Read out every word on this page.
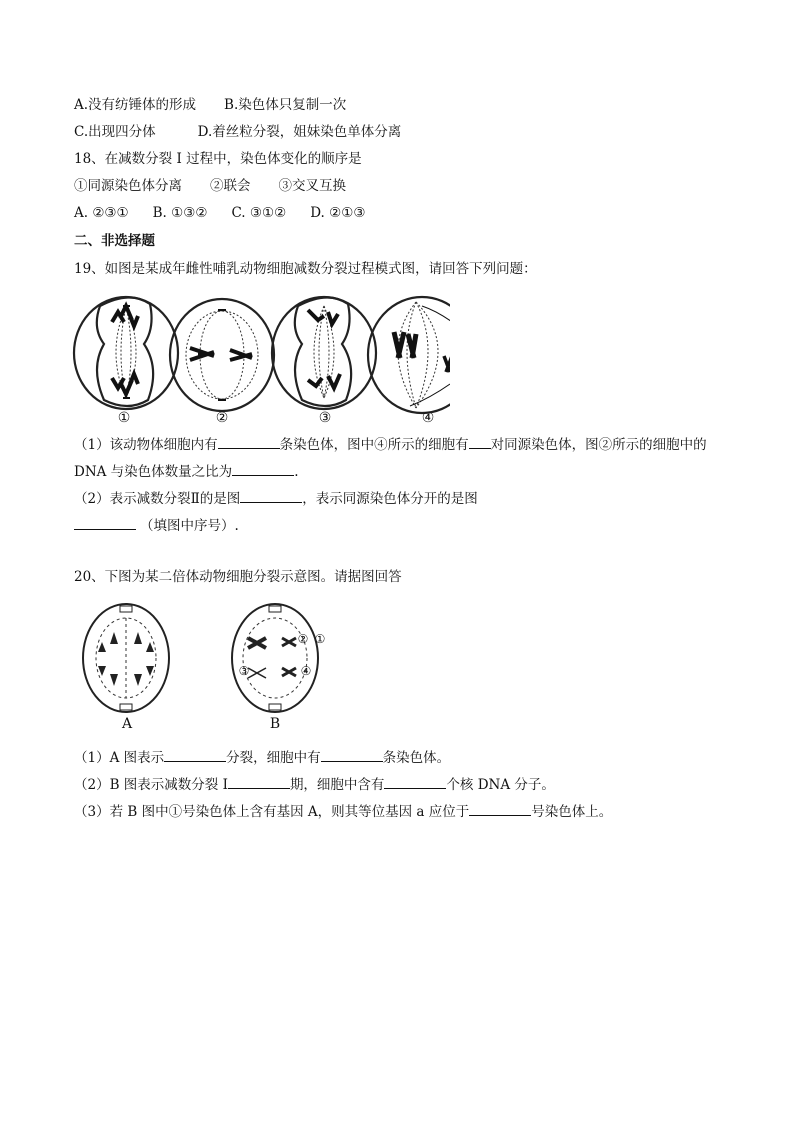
A.没有纺锤体的形成 B.染色体只复制一次
C.出现四分体	D.着丝粒分裂，姐妹染色单体分离
18、在减数分裂 I 过程中，染色体变化的顺序是
①同源染色体分离 ②联会 ③交叉互换
A. ②③① B. ①③② C. ③①② D. ②①③
二、非选择题
19、如图是某成年雌性哺乳动物细胞减数分裂过程模式图，请回答下列问题：
①	②	③	④
（1）该动物体细胞内有	条染色体，图中④所示的细胞有 对同源染色体，图②所示的细胞中的
DNA 与染色体数量之比为	.
（2）表示减数分裂Ⅱ的是图	，表示同源染色体分开的是图
（填图中序号）.
20、下图为某二倍体动物细胞分裂示意图。请据图回答
①
②
③	④
A	B
（1）A 图表示	分裂，细胞中有	条染色体。
（2）B 图表示减数分裂 I	期，细胞中含有	个核 DNA 分子。
（3）若 B 图中①号染色体上含有基因 A，则其等位基因 a 应位于	号染色体上。
